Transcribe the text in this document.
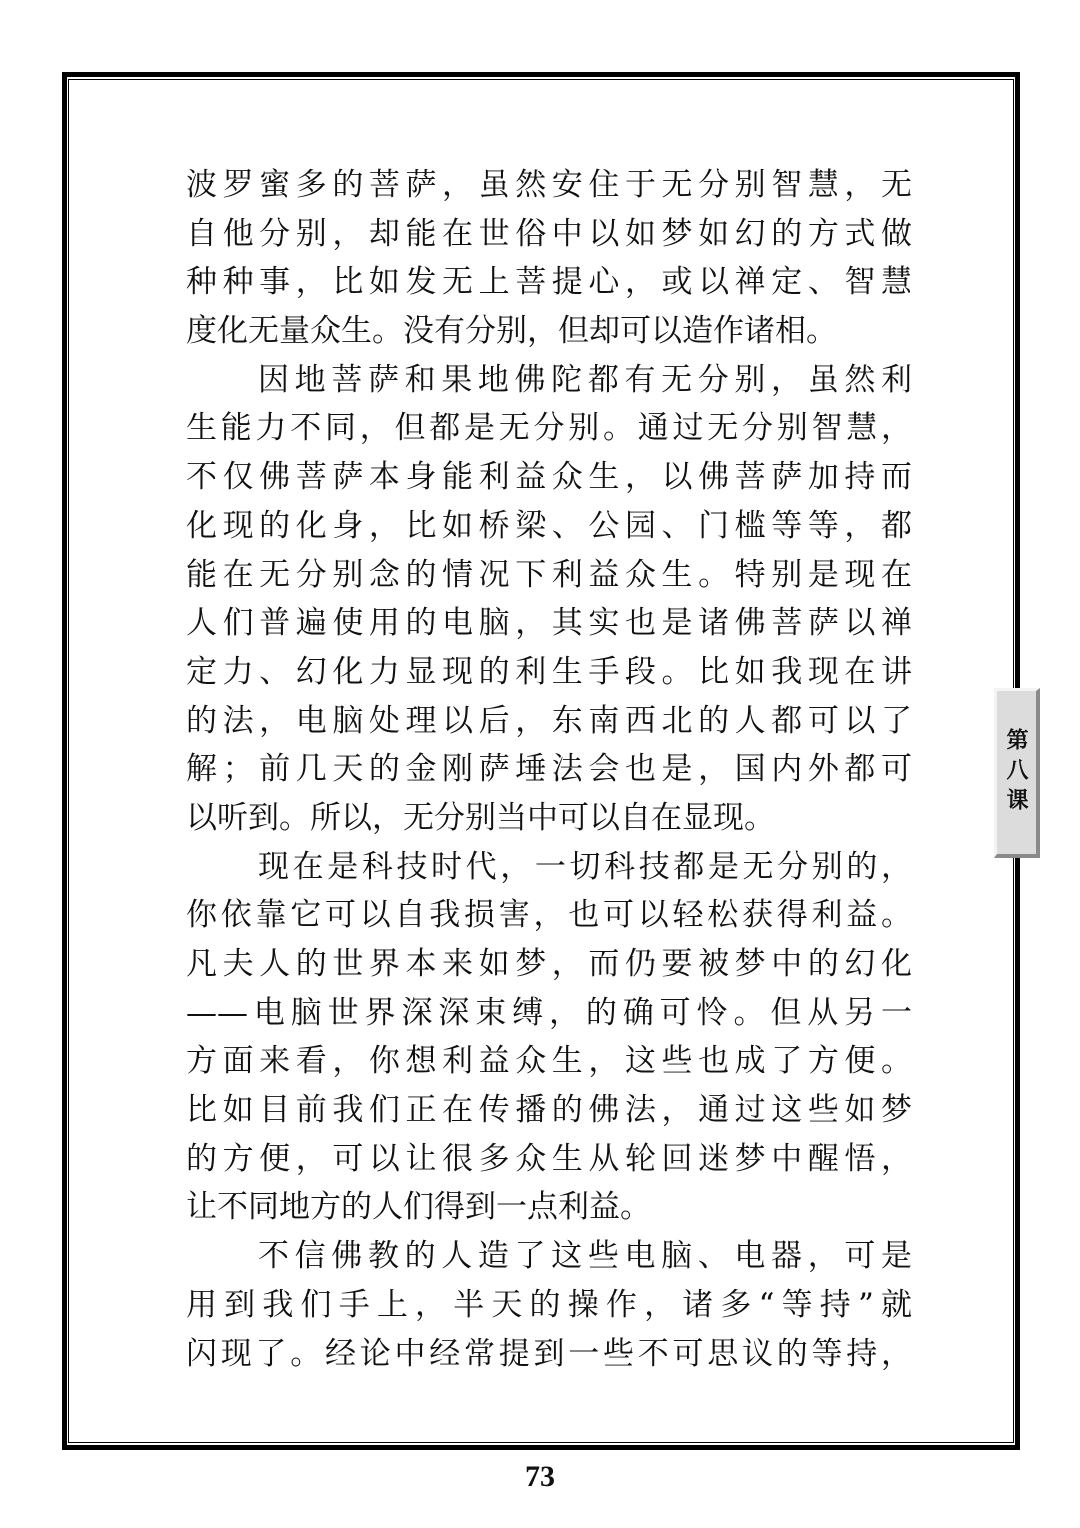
波罗蜜多的菩萨，虽然安住于无分别智慧，无
自他分别，却能在世俗中以如梦如幻的方式做
种种事，比如发无上菩提心，或以禅定、智慧
度化无量众生。没有分别，但却可以造作诸相。
因地菩萨和果地佛陀都有无分别，虽然利
生能力不同，但都是无分别。通过无分别智慧，
不仅佛菩萨本身能利益众生，以佛菩萨加持而
化现的化身，比如桥梁、公园、门槛等等，都
能在无分别念的情况下利益众生。特别是现在
人们普遍使用的电脑，其实也是诸佛菩萨以禅
定力、幻化力显现的利生手段。比如我现在讲
的法，电脑处理以后，东南西北的人都可以了
解；前几天的金刚萨埵法会也是，国内外都可
以听到。所以，无分别当中可以自在显现。
现在是科技时代，一切科技都是无分别的，
你依靠它可以自我损害，也可以轻松获得利益。
凡夫人的世界本来如梦，而仍要被梦中的幻化
——电脑世界深深束缚，的确可怜。但从另一
方面来看，你想利益众生，这些也成了方便。
比如目前我们正在传播的佛法，通过这些如梦
的方便，可以让很多众生从轮回迷梦中醒悟，
让不同地方的人们得到一点利益。
不信佛教的人造了这些电脑、电器，可是
用到我们手上，半天的操作，诸多“等持”就
闪现了。经论中经常提到一些不可思议的等持，
第八课
73
